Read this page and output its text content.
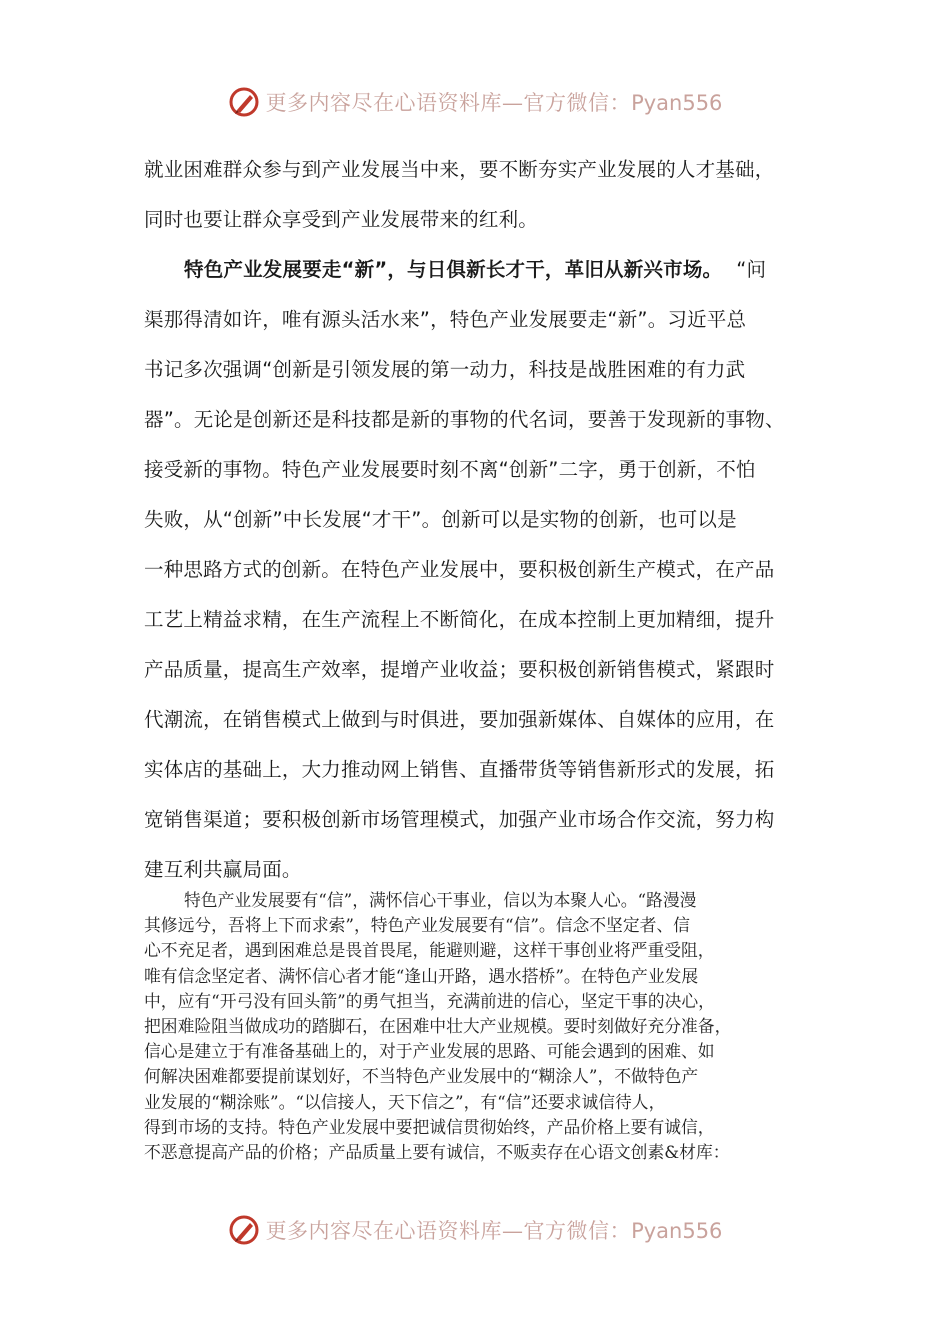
更多内容尽在心语资料库—官方微信：Pyan556
就业困难群众参与到产业发展当中来，要不断夯实产业发展的人才基础，
同时也要让群众享受到产业发展带来的红利。
特色产业发展要走“新”，与日俱新长才干，革旧从新兴市场。 “问
渠那得清如许，唯有源头活水来”，特色产业发展要走“新”。习近平总
书记多次强调“创新是引领发展的第一动力，科技是战胜困难的有力武
器”。无论是创新还是科技都是新的事物的代名词，要善于发现新的事物、
接受新的事物。特色产业发展要时刻不离“创新”二字，勇于创新，不怕
失败，从“创新”中长发展“才干”。创新可以是实物的创新，也可以是
一种思路方式的创新。在特色产业发展中，要积极创新生产模式，在产品
工艺上精益求精，在生产流程上不断简化，在成本控制上更加精细，提升
产品质量，提高生产效率，提增产业收益；要积极创新销售模式，紧跟时
代潮流，在销售模式上做到与时俱进，要加强新媒体、自媒体的应用，在
实体店的基础上，大力推动网上销售、直播带货等销售新形式的发展，拓
宽销售渠道；要积极创新市场管理模式，加强产业市场合作交流，努力构
建互利共赢局面。
特色产业发展要有“信”，满怀信心干事业，信以为本聚人心。“路漫漫
其修远兮，吾将上下而求索”，特色产业发展要有“信”。信念不坚定者、信
心不充足者，遇到困难总是畏首畏尾，能避则避，这样干事创业将严重受阻，
唯有信念坚定者、满怀信心者才能“逢山开路，遇水搭桥”。在特色产业发展
中，应有“开弓没有回头箭”的勇气担当，充满前进的信心，坚定干事的决心，
把困难险阻当做成功的踏脚石，在困难中壮大产业规模。要时刻做好充分准备，
信心是建立于有准备基础上的，对于产业发展的思路、可能会遇到的困难、如
何解决困难都要提前谋划好，不当特色产业发展中的“糊涂人”，不做特色产
业发展的“糊涂账”。“以信接人，天下信之”，有“信”还要求诚信待人，
得到市场的支持。特色产业发展中要把诚信贯彻始终，产品价格上要有诚信，
不恶意提高产品的价格；产品质量上要有诚信，不贩卖存在心语文创素&材库：
更多内容尽在心语资料库—官方微信：Pyan556
